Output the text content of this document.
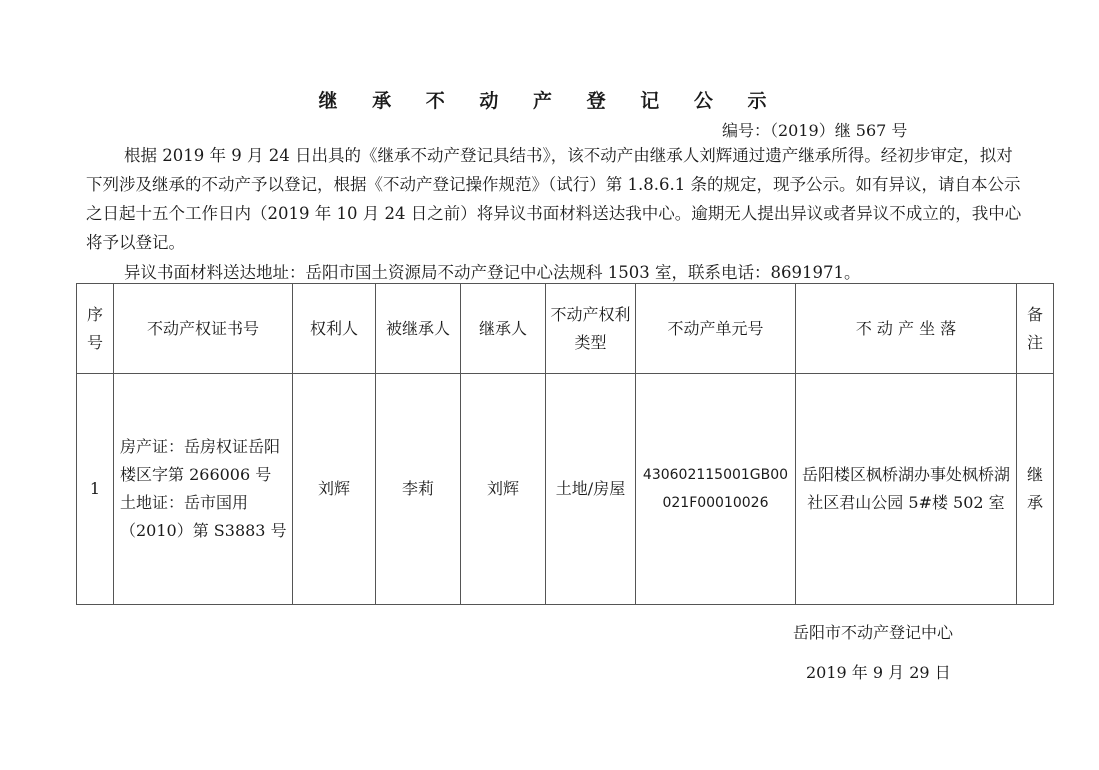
继 承 不 动 产 登 记 公 示
编号：（2019）继 567 号

根据 2019 年 9 月 24 日出具的《继承不动产登记具结书》，该不动产由继承人刘辉通过遗产继承所得。经初步审定，拟对下列涉及继承的不动产予以登记，根据《不动产登记操作规范》（试行）第 1.8.6.1 条的规定，现予公示。如有异议，请自本公示之日起十五个工作日内（2019 年 10 月 24 日之前）将异议书面材料送达我中心。逾期无人提出异议或者异议不成立的，我中心将予以登记。

异议书面材料送达地址：岳阳市国土资源局不动产登记中心法规科 1503 室，联系电话：8691971。

序号	不动产权证书号	权利人	被继承人	继承人	不动产权利类型	不动产单元号	不 动 产 坐 落	备注
1	房产证：岳房权证岳阳楼区字第 266006 号
土地证：岳市国用（2010）第 S3883 号	刘辉	李莉	刘辉	土地/房屋	430602115001GB00021F00010026	岳阳楼区枫桥湖办事处枫桥湖社区君山公园 5#楼 502 室	继承
岳阳市不动产登记中心
2019 年 9 月 29 日
